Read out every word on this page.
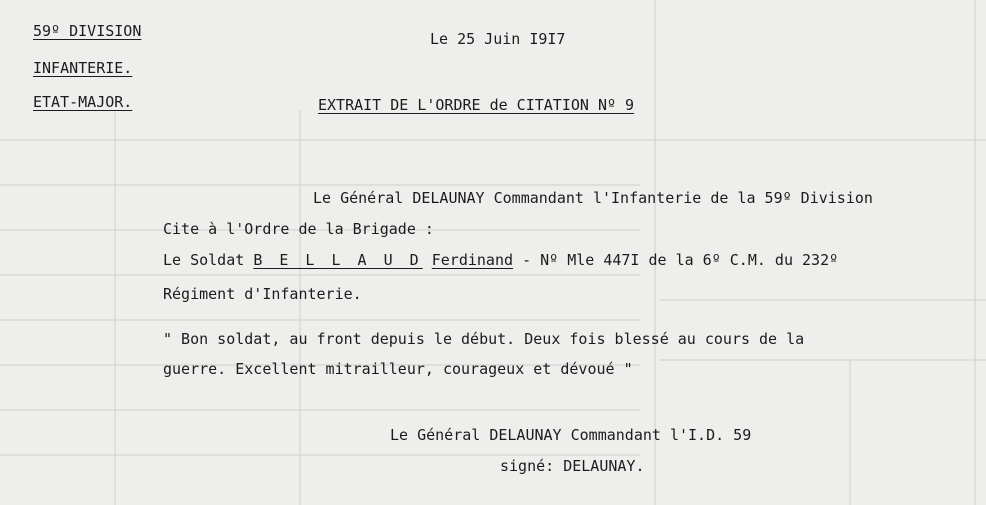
59º DIVISION
INFANTERIE.
ETAT-MAJOR.
Le 25 Juin I9I7
EXTRAIT DE L'ORDRE de CITATION Nº 9
Le Général DELAUNAY Commandant l'Infanterie de la 59º Division
Cite à l'Ordre de la Brigade :
Le Soldat B E L L A U D Ferdinand - Nº Mle 447I de la 6º C.M. du 232º
Régiment d'Infanterie.
" Bon soldat, au front depuis le début. Deux fois blessé au cours de la
guerre. Excellent mitrailleur, courageux et dévoué "
Le Général DELAUNAY Commandant l'I.D. 59
signé: DELAUNAY.
